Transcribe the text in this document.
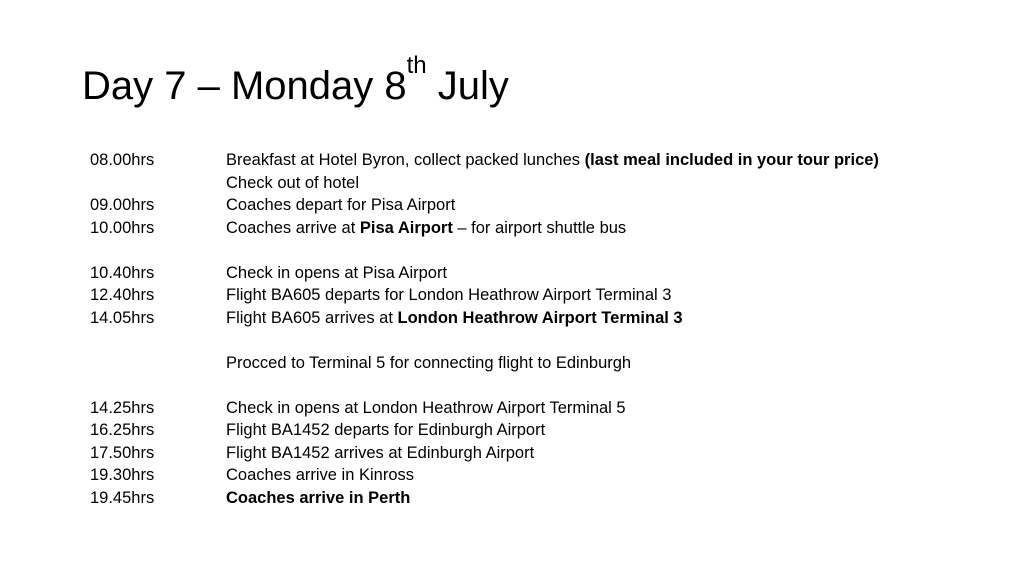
Day 7 – Monday 8th July
08.00hrs	Breakfast at Hotel Byron, collect packed lunches (last meal included in your tour price)
Check out of hotel
09.00hrs	Coaches depart for Pisa Airport
10.00hrs	Coaches arrive at Pisa Airport – for airport shuttle bus
10.40hrs	Check in opens at Pisa Airport
12.40hrs	Flight BA605 departs for London Heathrow Airport Terminal 3
14.05hrs	Flight BA605 arrives at London Heathrow Airport Terminal 3
Procced to Terminal 5 for connecting flight to Edinburgh
14.25hrs	Check in opens at London Heathrow Airport Terminal 5
16.25hrs	Flight BA1452 departs for Edinburgh Airport
17.50hrs	Flight BA1452 arrives at Edinburgh Airport
19.30hrs	Coaches arrive in Kinross
19.45hrs	Coaches arrive in Perth
